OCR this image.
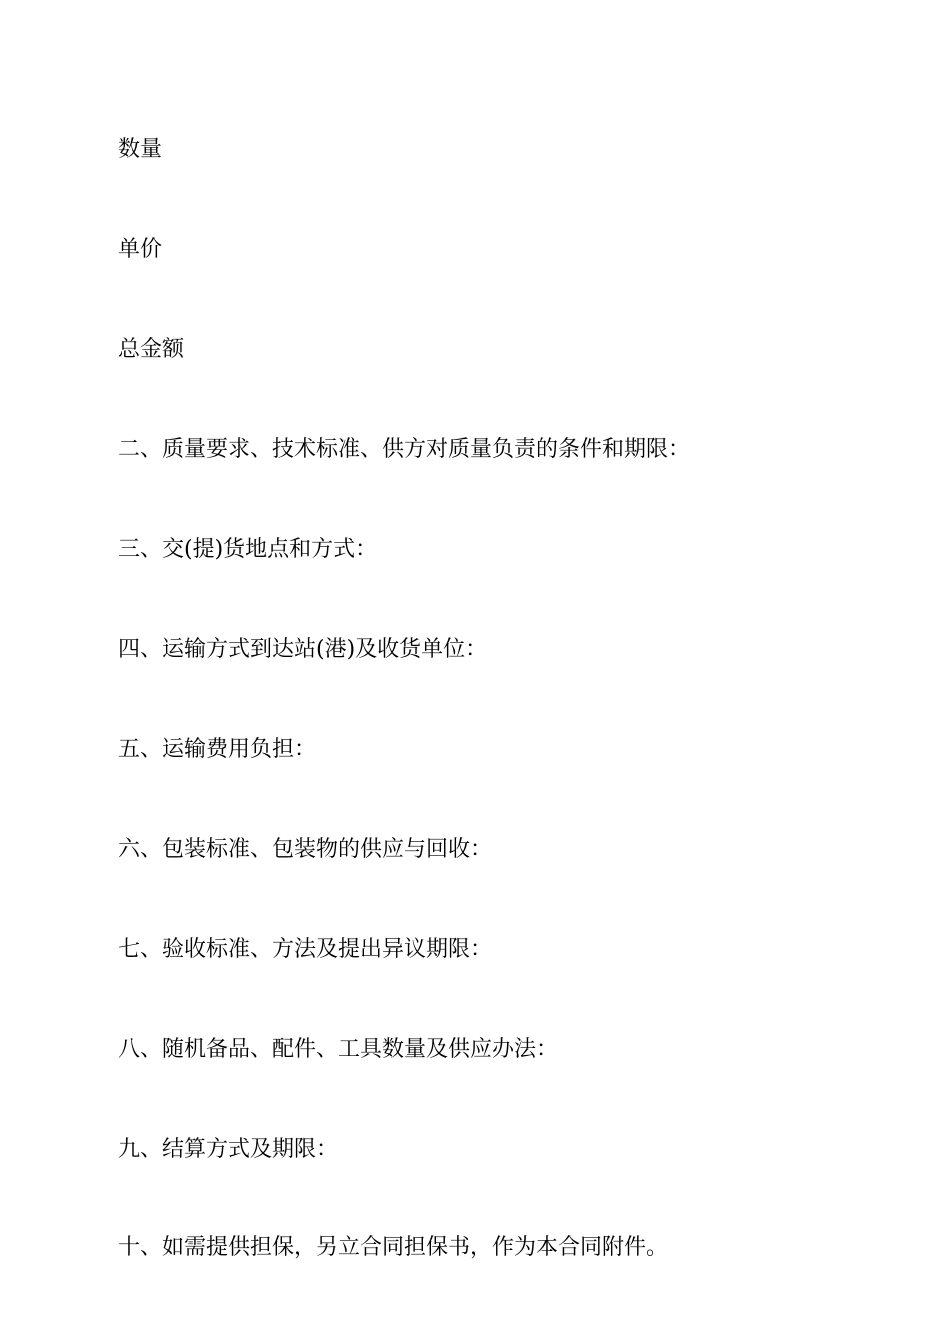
数量
单价
总金额
二、质量要求、技术标准、供方对质量负责的条件和期限：
三、交(提)货地点和方式：
四、运输方式到达站(港)及收货单位：
五、运输费用负担：
六、包装标准、包装物的供应与回收：
七、验收标准、方法及提出异议期限：
八、随机备品、配件、工具数量及供应办法：
九、结算方式及期限：
十、如需提供担保，另立合同担保书，作为本合同附件。
